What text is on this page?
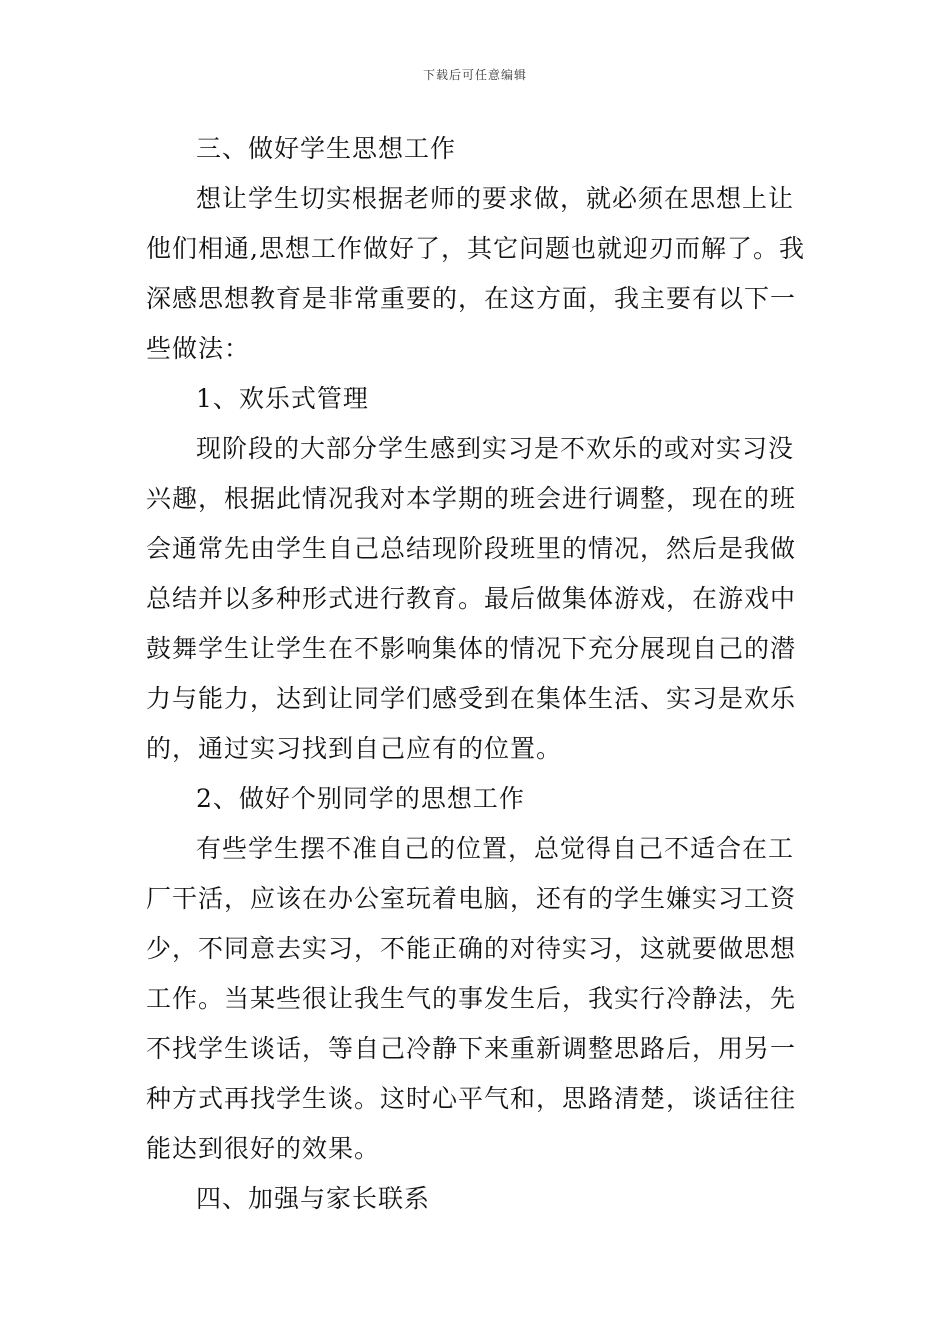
下载后可任意编辑
三、做好学生思想工作
想让学生切实根据老师的要求做，就必须在思想上让
他们相通,思想工作做好了，其它问题也就迎刃而解了。我
深感思想教育是非常重要的，在这方面，我主要有以下一
些做法：
1、欢乐式管理
现阶段的大部分学生感到实习是不欢乐的或对实习没
兴趣，根据此情况我对本学期的班会进行调整，现在的班
会通常先由学生自己总结现阶段班里的情况，然后是我做
总结并以多种形式进行教育。最后做集体游戏，在游戏中
鼓舞学生让学生在不影响集体的情况下充分展现自己的潜
力与能力，达到让同学们感受到在集体生活、实习是欢乐
的，通过实习找到自己应有的位置。
2、做好个别同学的思想工作
有些学生摆不准自己的位置，总觉得自己不适合在工
厂干活，应该在办公室玩着电脑，还有的学生嫌实习工资
少，不同意去实习，不能正确的对待实习，这就要做思想
工作。当某些很让我生气的事发生后，我实行冷静法，先
不找学生谈话，等自己冷静下来重新调整思路后，用另一
种方式再找学生谈。这时心平气和，思路清楚，谈话往往
能达到很好的效果。
四、加强与家长联系
